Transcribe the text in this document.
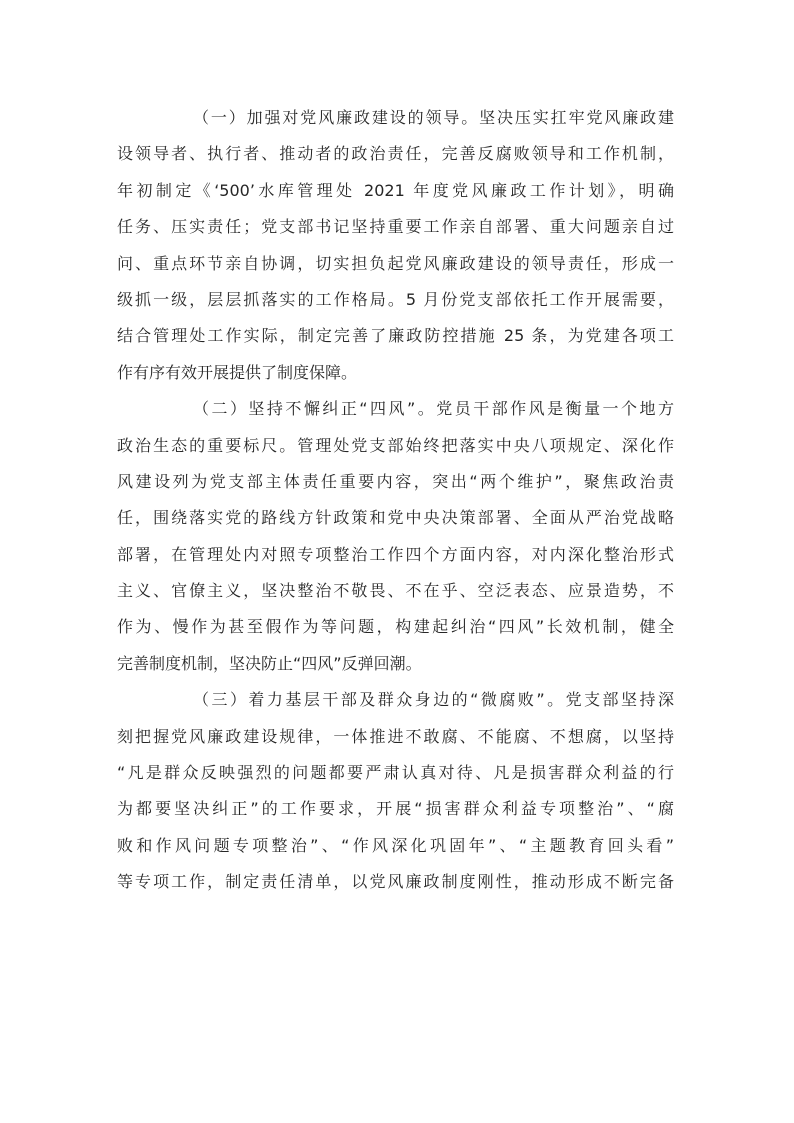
（一）加强对党风廉政建设的领导。坚决压实扛牢党风廉政建
设领导者、执行者、推动者的政治责任，完善反腐败领导和工作机制，
年初制定《‘500’水库管理处 2021 年度党风廉政工作计划》，明确
任务、压实责任；党支部书记坚持重要工作亲自部署、重大问题亲自过
问、重点环节亲自协调，切实担负起党风廉政建设的领导责任，形成一
级抓一级，层层抓落实的工作格局。5 月份党支部依托工作开展需要，
结合管理处工作实际，制定完善了廉政防控措施 25 条，为党建各项工
作有序有效开展提供了制度保障。
（二）坚持不懈纠正“四风”。党员干部作风是衡量一个地方
政治生态的重要标尺。管理处党支部始终把落实中央八项规定、深化作
风建设列为党支部主体责任重要内容，突出“两个维护”，聚焦政治责
任，围绕落实党的路线方针政策和党中央决策部署、全面从严治党战略
部署，在管理处内对照专项整治工作四个方面内容，对内深化整治形式
主义、官僚主义，坚决整治不敬畏、不在乎、空泛表态、应景造势，不
作为、慢作为甚至假作为等问题，构建起纠治“四风”长效机制，健全
完善制度机制，坚决防止“四风”反弹回潮。
（三）着力基层干部及群众身边的“微腐败”。党支部坚持深
刻把握党风廉政建设规律，一体推进不敢腐、不能腐、不想腐，以坚持
“凡是群众反映强烈的问题都要严肃认真对待、凡是损害群众利益的行
为都要坚决纠正”的工作要求，开展“损害群众利益专项整治”、“腐
败和作风问题专项整治”、“作风深化巩固年”、“主题教育回头看”
等专项工作，制定责任清单，以党风廉政制度刚性，推动形成不断完备
